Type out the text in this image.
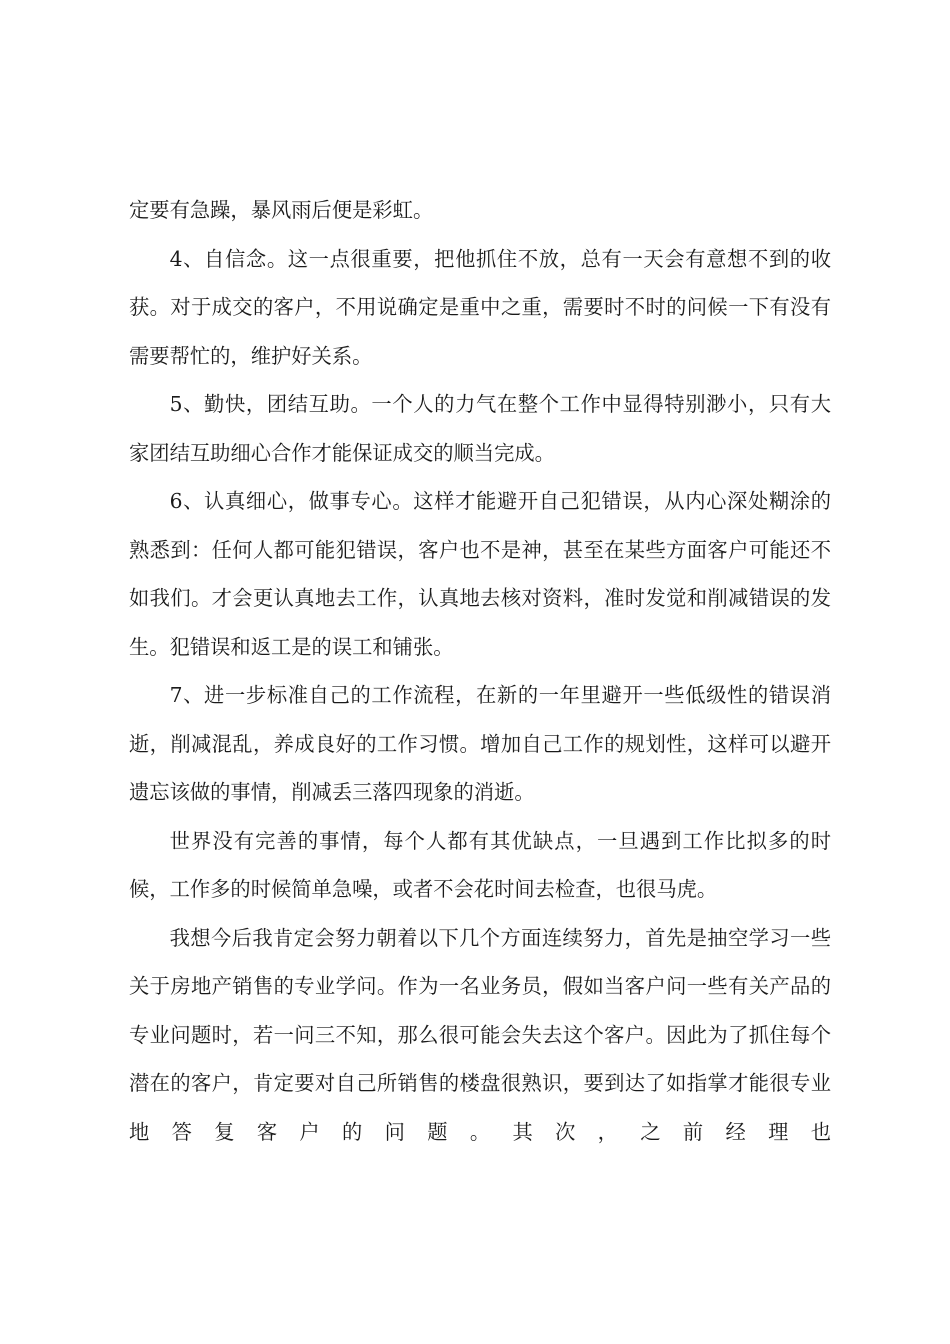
定要有急躁，暴风雨后便是彩虹。

4、自信念。这一点很重要，把他抓住不放，总有一天会有意想不到的收获。对于成交的客户，不用说确定是重中之重，需要时不时的问候一下有没有需要帮忙的，维护好关系。

5、勤快，团结互助。一个人的力气在整个工作中显得特别渺小，只有大家团结互助细心合作才能保证成交的顺当完成。

6、认真细心，做事专心。这样才能避开自己犯错误，从内心深处糊涂的熟悉到：任何人都可能犯错误，客户也不是神，甚至在某些方面客户可能还不如我们。才会更认真地去工作，认真地去核对资料，准时发觉和削减错误的发生。犯错误和返工是的误工和铺张。

7、进一步标准自己的工作流程，在新的一年里避开一些低级性的错误消逝，削减混乱，养成良好的工作习惯。增加自己工作的规划性，这样可以避开遗忘该做的事情，削减丢三落四现象的消逝。

世界没有完善的事情，每个人都有其优缺点，一旦遇到工作比拟多的时候，工作多的时候简单急噪，或者不会花时间去检查，也很马虎。

我想今后我肯定会努力朝着以下几个方面连续努力，首先是抽空学习一些关于房地产销售的专业学问。作为一名业务员，假如当客户问一些有关产品的专业问题时，若一问三不知，那么很可能会失去这个客户。因此为了抓住每个潜在的客户，肯定要对自己所销售的楼盘很熟识，要到达了如指掌才能很专业地答复客户的问题。其次，之前经理也
